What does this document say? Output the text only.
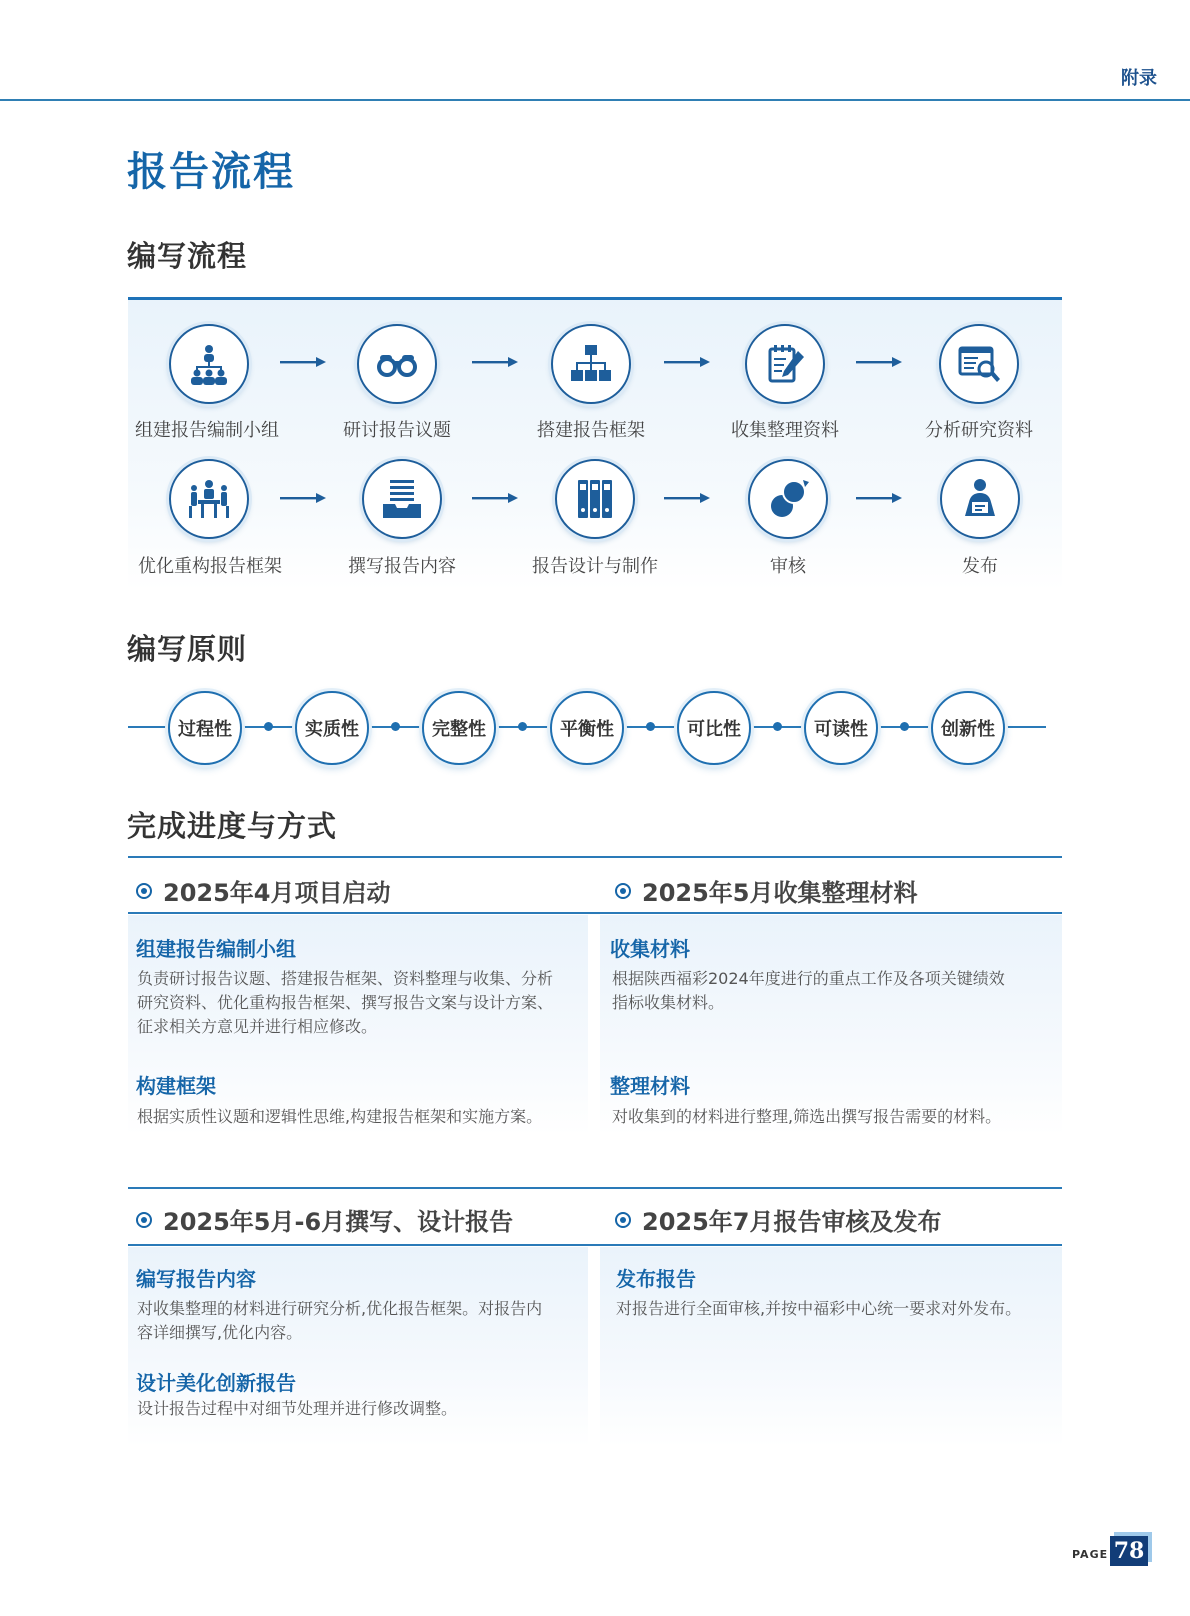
附录
报告流程
编写流程
组建报告编制小组	研讨报告议题	搭建报告框架	收集整理资料	分析研究资料
优化重构报告框架	撰写报告内容	报告设计与制作	审核	发布
编写原则
过程性	实质性	完整性	平衡性	可比性	可读性	创新性
完成进度与方式
2025年4月项目启动	2025年5月收集整理材料
组建报告编制小组
负责研讨报告议题、搭建报告框架、资料整理与收集、分析
研究资料、优化重构报告框架、撰写报告文案与设计方案、
征求相关方意见并进行相应修改。
构建框架
根据实质性议题和逻辑性思维,构建报告框架和实施方案。
收集材料
根据陕西福彩2024年度进行的重点工作及各项关键绩效
指标收集材料。
整理材料
对收集到的材料进行整理,筛选出撰写报告需要的材料。
2025年5月-6月撰写、设计报告	2025年7月报告审核及发布
编写报告内容
对收集整理的材料进行研究分析,优化报告框架。对报告内
容详细撰写,优化内容。
设计美化创新报告
设计报告过程中对细节处理并进行修改调整。
发布报告
对报告进行全面审核,并按中福彩中心统一要求对外发布。
PAGE 78
